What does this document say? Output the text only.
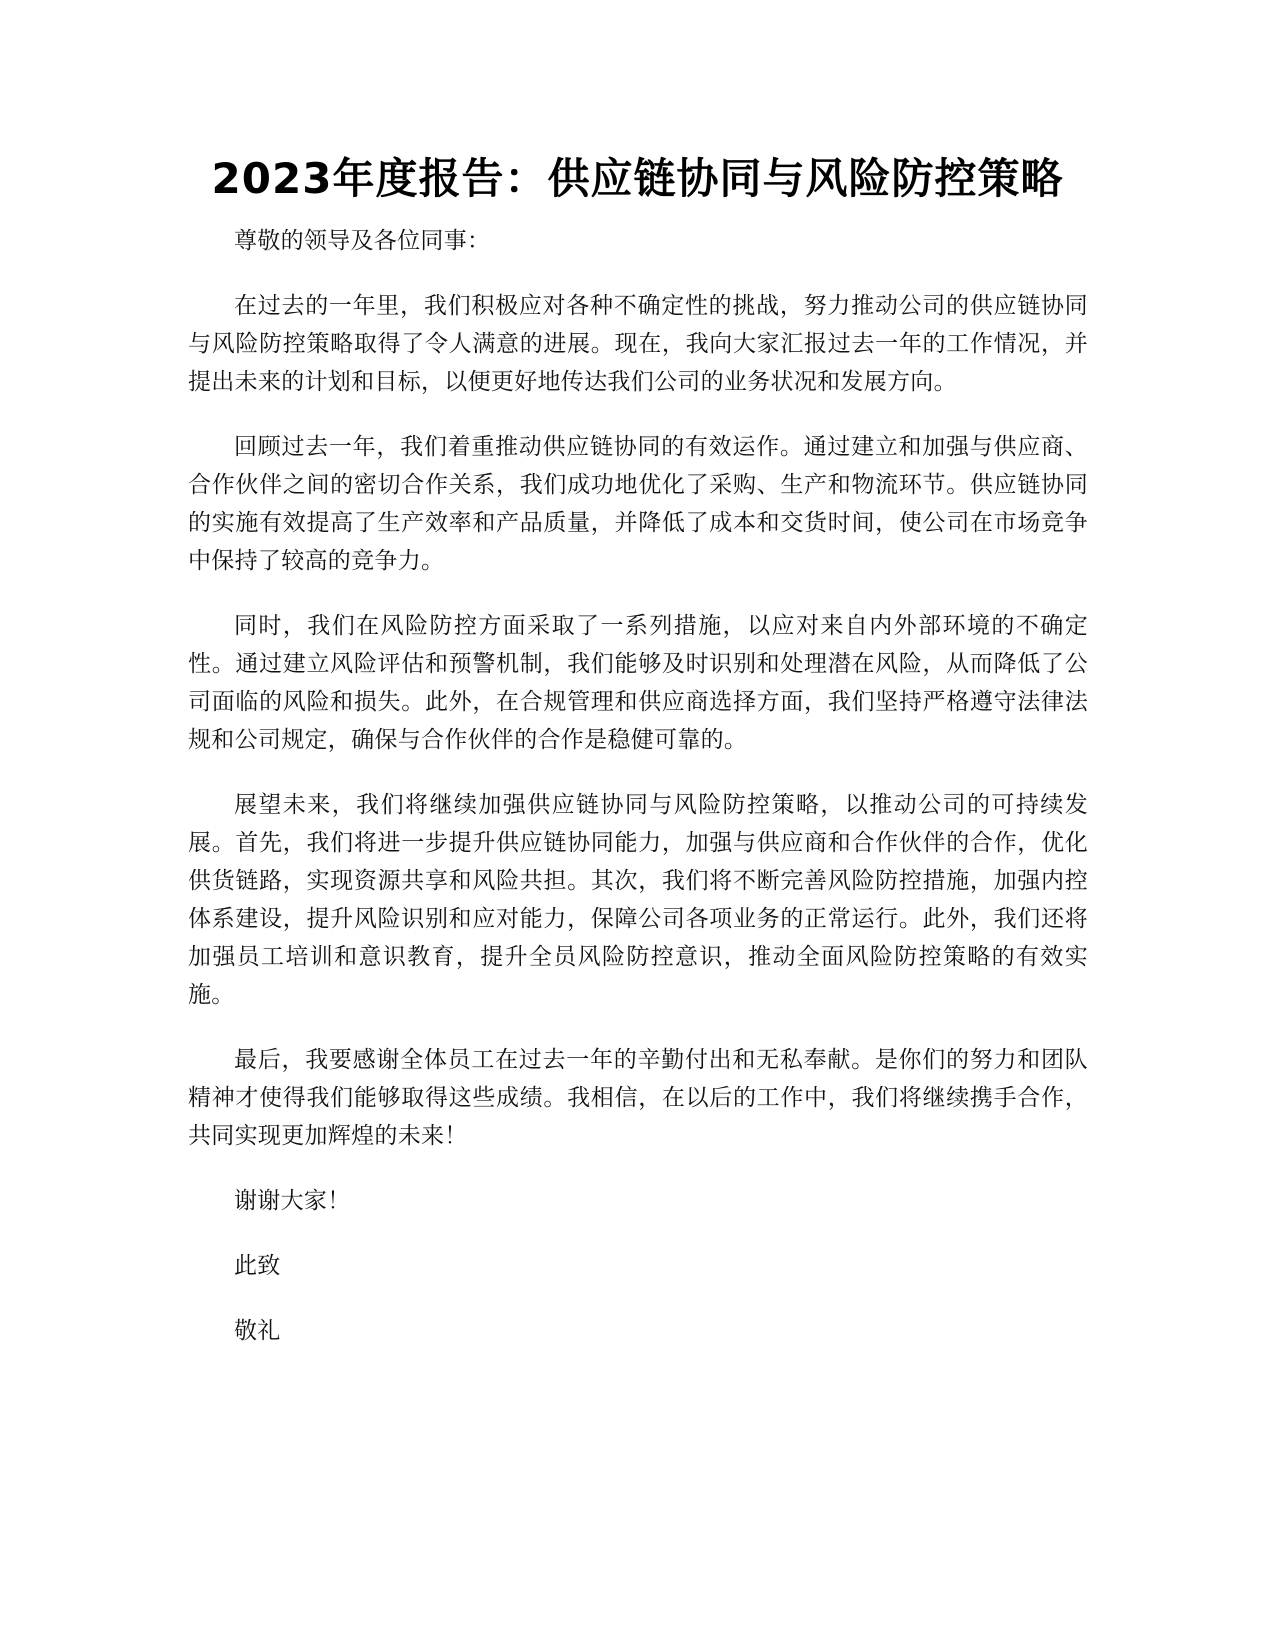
2023年度报告：供应链协同与风险防控策略

尊敬的领导及各位同事：

在过去的一年里，我们积极应对各种不确定性的挑战，努力推动公司的供应链协同与风险防控策略取得了令人满意的进展。现在，我向大家汇报过去一年的工作情况，并提出未来的计划和目标，以便更好地传达我们公司的业务状况和发展方向。

回顾过去一年，我们着重推动供应链协同的有效运作。通过建立和加强与供应商、合作伙伴之间的密切合作关系，我们成功地优化了采购、生产和物流环节。供应链协同的实施有效提高了生产效率和产品质量，并降低了成本和交货时间，使公司在市场竞争中保持了较高的竞争力。

同时，我们在风险防控方面采取了一系列措施，以应对来自内外部环境的不确定性。通过建立风险评估和预警机制，我们能够及时识别和处理潜在风险，从而降低了公司面临的风险和损失。此外，在合规管理和供应商选择方面，我们坚持严格遵守法律法规和公司规定，确保与合作伙伴的合作是稳健可靠的。

展望未来，我们将继续加强供应链协同与风险防控策略，以推动公司的可持续发展。首先，我们将进一步提升供应链协同能力，加强与供应商和合作伙伴的合作，优化供货链路，实现资源共享和风险共担。其次，我们将不断完善风险防控措施，加强内控体系建设，提升风险识别和应对能力，保障公司各项业务的正常运行。此外，我们还将加强员工培训和意识教育，提升全员风险防控意识，推动全面风险防控策略的有效实施。

最后，我要感谢全体员工在过去一年的辛勤付出和无私奉献。是你们的努力和团队精神才使得我们能够取得这些成绩。我相信，在以后的工作中，我们将继续携手合作，共同实现更加辉煌的未来！

谢谢大家！

此致

敬礼
